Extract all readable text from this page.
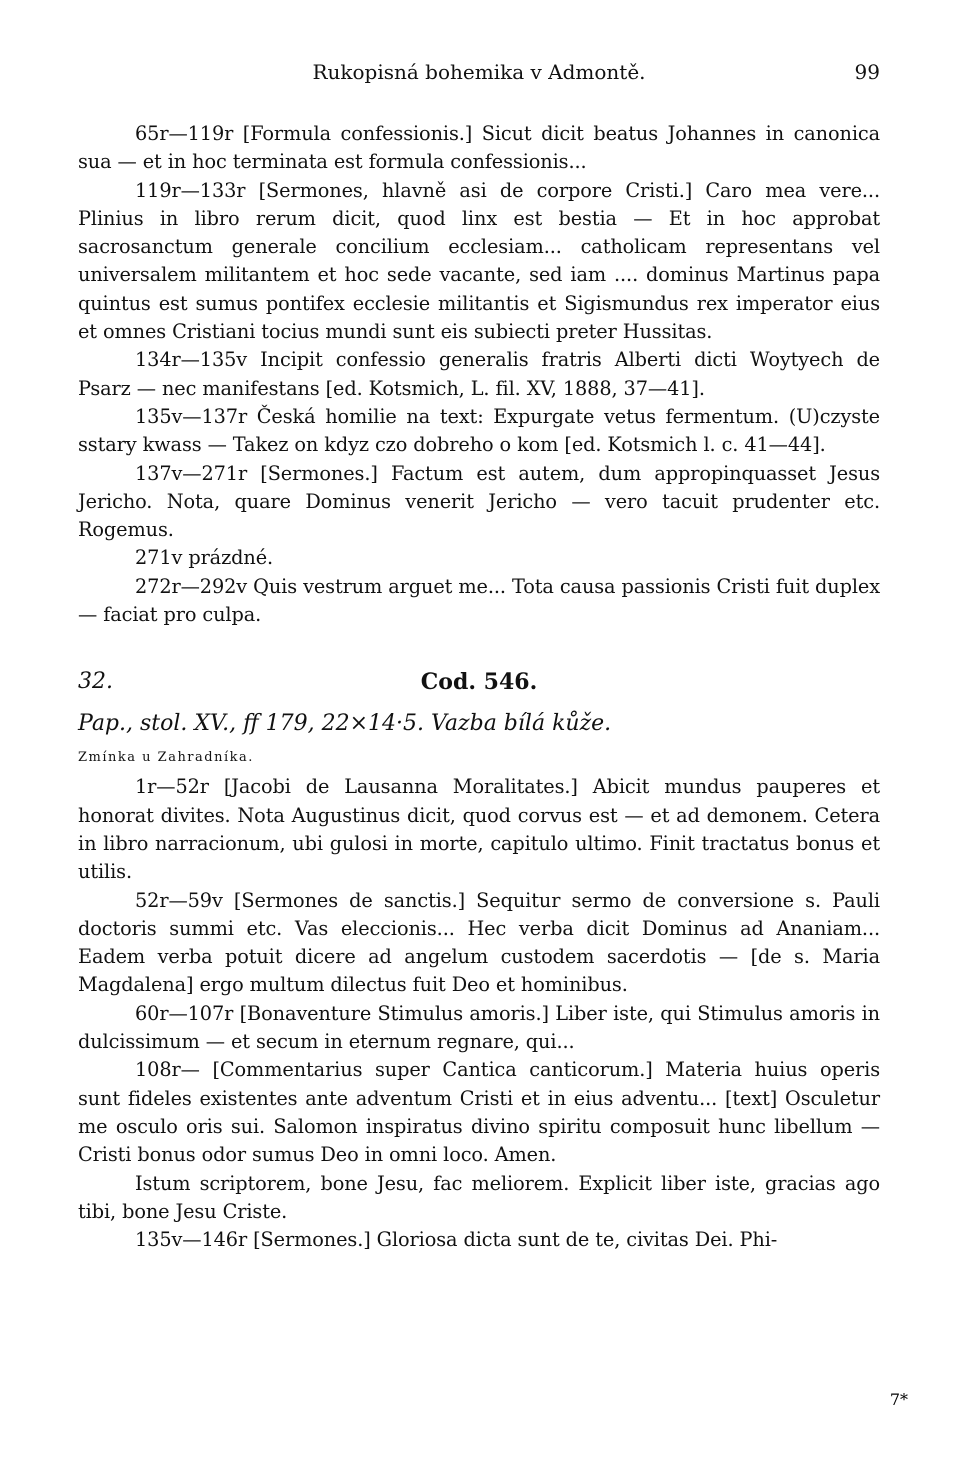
Rukopisná bohemika v Admontě.	99

65r—119r [Formula confessionis.] Sicut dicit beatus Johannes in canonica sua — et in hoc terminata est formula confessionis...

119r—133r [Sermones, hlavně asi de corpore Cristi.] Caro mea vere... Plinius in libro rerum dicit, quod linx est bestia — Et in hoc approbat sacrosanctum generale concilium ecclesiam... catholicam representans vel universalem militantem et hoc sede vacante, sed iam .... dominus Martinus papa quintus est sumus pontifex ecclesie militantis et Sigismundus rex imperator eius et omnes Cristiani tocius mundi sunt eis subiecti preter Hussitas.

134r—135v Incipit confessio generalis fratris Alberti dicti Woytyech de Psarz — nec manifestans [ed. Kotsmich, L. fil. XV, 1888, 37—41].

135v—137r Česká homilie na text: Expurgate vetus fermentum. (U)czyste sstary kwass — Takez on kdyz czo dobreho o kom [ed. Kotsmich l. c. 41—44].

137v—271r [Sermones.] Factum est autem, dum appropinquasset Jesus Jericho. Nota, quare Dominus venerit Jericho — vero tacuit prudenter etc. Rogemus.

271v prázdné.

272r—292v Quis vestrum arguet me... Tota causa passionis Cristi fuit duplex — faciat pro culpa.

32.	Cod. 546.
Pap., stol. XV., ff 179, 22×14·5. Vazba bílá kůže.
Zmínka u Zahradníka.

1r—52r [Jacobi de Lausanna Moralitates.] Abicit mundus pauperes et honorat divites. Nota Augustinus dicit, quod corvus est — et ad demonem. Cetera in libro narracionum, ubi gulosi in morte, capitulo ultimo. Finit tractatus bonus et utilis.

52r—59v [Sermones de sanctis.] Sequitur sermo de conversione s. Pauli doctoris summi etc. Vas eleccionis... Hec verba dicit Dominus ad Ananiam... Eadem verba potuit dicere ad angelum custodem sacerdotis — [de s. Maria Magdalena] ergo multum dilectus fuit Deo et hominibus.

60r—107r [Bonaventure Stimulus amoris.] Liber iste, qui Stimulus amoris in dulcissimum — et secum in eternum regnare, qui...

108r— [Commentarius super Cantica canticorum.] Materia huius operis sunt fideles existentes ante adventum Cristi et in eius adventu... [text] Osculetur me osculo oris sui. Salomon inspiratus divino spiritu composuit hunc libellum — Cristi bonus odor sumus Deo in omni loco. Amen.

Istum scriptorem, bone Jesu, fac meliorem. Explicit liber iste, gracias ago tibi, bone Jesu Criste.

135v—146r [Sermones.] Gloriosa dicta sunt de te, civitas Dei. Phi-

7*
